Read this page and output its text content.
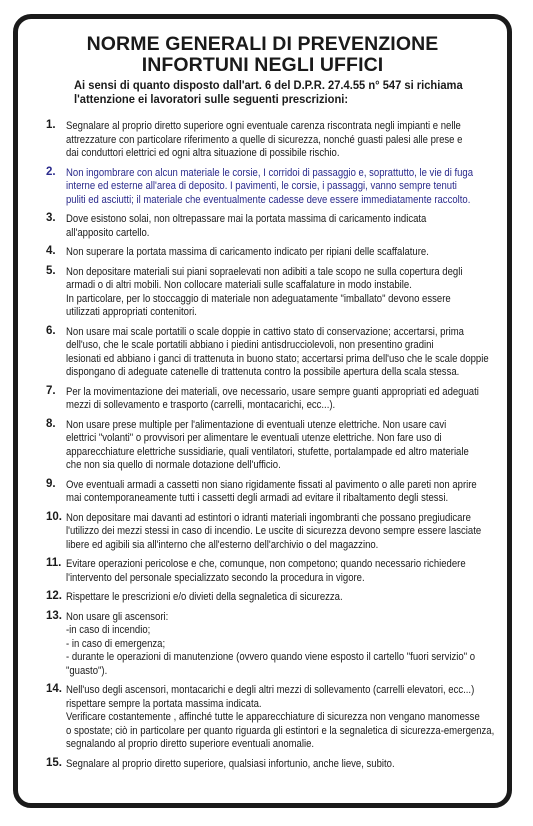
NORME GENERALI DI PREVENZIONE
INFORTUNI NEGLI UFFICI
Ai sensi di quanto disposto dall'art. 6 del D.P.R. 27.4.55 n° 547 si richiama
l'attenzione ei lavoratori sulle seguenti prescrizioni:
1. Segnalare al proprio diretto superiore ogni eventuale carenza riscontrata negli impianti e nelle
attrezzature con particolare riferimento a quelle di sicurezza, nonché guasti palesi alle prese e
dai conduttori elettrici ed ogni altra situazione di possibile rischio.
2. Non ingombrare con alcun materiale le corsie, I corridoi di passaggio e, soprattutto, le vie di fuga
interne ed esterne all'area di deposito. I pavimenti, le corsie, i passaggi, vanno sempre tenuti
puliti ed asciutti; il materiale che eventualmente cadesse deve essere immediatamente raccolto.
3. Dove esistono solai, non oltrepassare mai la portata massima di caricamento indicata
all'apposito cartello.
4. Non superare la portata massima di caricamento indicato per ripiani delle scaffalature.
5. Non depositare materiali sui piani sopraelevati non adibiti a tale scopo ne sulla copertura degli
armadi o di altri mobili. Non collocare materiali sulle scaffalature in modo instabile.
In particolare, per lo stoccaggio di materiale non adeguatamente "imballato" devono essere
utilizzati appropriati contenitori.
6. Non usare mai scale portatili o scale doppie in cattivo stato di conservazione; accertarsi, prima
dell'uso, che le scale portatili abbiano i piedini antisdrucciolevoli, non presentino gradini
lesionati ed abbiano i ganci di trattenuta in buono stato; accertarsi prima dell'uso che le scale doppie
dispongano di adeguate catenelle di trattenuta contro la possibile apertura della scala stessa.
7. Per la movimentazione dei materiali, ove necessario, usare sempre guanti appropriati ed adeguati
mezzi di sollevamento e trasporto (carrelli, montacarichi, ecc...).
8. Non usare prese multiple per l'alimentazione di eventuali utenze elettriche. Non usare cavi
elettrici "volanti" o provvisori per alimentare le eventuali utenze elettriche. Non fare uso di
apparecchiature elettriche sussidiarie, quali ventilatori, stufette, portalampade ed altro materiale
che non sia quello di normale dotazione dell'ufficio.
9. Ove eventuali armadi a cassetti non siano rigidamente fissati al pavimento o alle pareti non aprire
mai contemporaneamente tutti i cassetti degli armadi ad evitare il ribaltamento degli stessi.
10. Non depositare mai davanti ad estintori o idranti materiali ingombranti che possano pregiudicare
l'utilizzo dei mezzi stessi in caso di incendio. Le uscite di sicurezza devono sempre essere lasciate
libere ed agibili sia all'interno che all'esterno dell'archivio o del magazzino.
11. Evitare operazioni pericolose e che, comunque, non competono; quando necessario richiedere
l'intervento del personale specializzato secondo la procedura in vigore.
12. Rispettare le prescrizioni e/o divieti della segnaletica di sicurezza.
13. Non usare gli ascensori:
-in caso di incendio;
- in caso di emergenza;
- durante le operazioni di manutenzione (ovvero quando viene esposto il cartello "fuori servizio" o
"guasto").
14. Nell'uso degli ascensori, montacarichi e degli altri mezzi di sollevamento (carrelli elevatori, ecc...)
rispettare sempre la portata massima indicata.
Verificare costantemente , affinché tutte le apparecchiature di sicurezza non vengano manomesse
o spostate; ciò in particolare per quanto riguarda gli estintori e la segnaletica di sicurezza-emergenza,
segnalando al proprio diretto superiore eventuali anomalie.
15. Segnalare al proprio diretto superiore, qualsiasi infortunio, anche lieve, subito.
